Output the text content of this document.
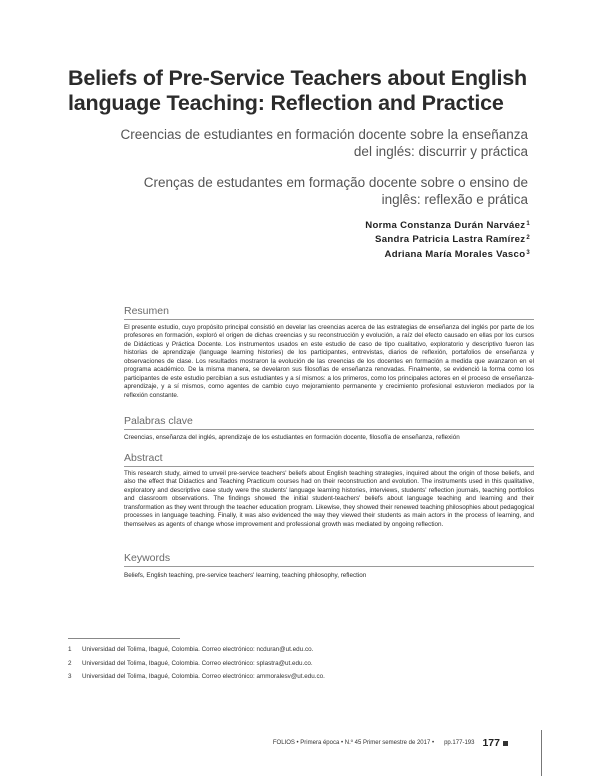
Beliefs of Pre-Service Teachers about English language Teaching: Reflection and Practice
Creencias de estudiantes en formación docente sobre la enseñanza del inglés: discurrir y práctica
Crenças de estudantes em formação docente sobre o ensino de inglês: reflexão e prática
Norma Constanza Durán Narváez$^1$
Sandra Patricia Lastra Ramírez$^2$
Adriana María Morales Vasco$^3$
Resumen

El presente estudio, cuyo propósito principal consistió en develar las creencias acerca de las estrategias de enseñanza del inglés por parte de los profesores en formación, exploró el origen de dichas creencias y su reconstrucción y evolución, a raíz del efecto causado en ellas por los cursos de Didácticas y Práctica Docente. Los instrumentos usados en este estudio de caso de tipo cualitativo, exploratorio y descriptivo fueron las historias de aprendizaje (language learning histories) de los participantes, entrevistas, diarios de reflexión, portafolios de enseñanza y observaciones de clase. Los resultados mostraron la evolución de las creencias de los docentes en formación a medida que avanzaron en el programa académico. De la misma manera, se develaron sus filosofías de enseñanza renovadas. Finalmente, se evidenció la forma como los participantes de este estudio percibían a sus estudiantes y a sí mismos: a los primeros, como los principales actores en el proceso de enseñanza-aprendizaje, y a sí mismos, como agentes de cambio cuyo mejoramiento permanente y crecimiento profesional estuvieron mediados por la reflexión constante.

Palabras clave

Creencias, enseñanza del inglés, aprendizaje de los estudiantes en formación docente, filosofía de enseñanza, reflexión

Abstract

This research study, aimed to unveil pre-service teachers' beliefs about English teaching strategies, inquired about the origin of those beliefs, and also the effect that Didactics and Teaching Practicum courses had on their reconstruction and evolution. The instruments used in this qualitative, exploratory and descriptive case study were the students' language learning histories, interviews, students' reflection journals, teaching portfolios and classroom observations. The findings showed the initial student-teachers' beliefs about language teaching and learning and their transformation as they went through the teacher education program. Likewise, they showed their renewed teaching philosophies about pedagogical processes in language teaching. Finally, it was also evidenced the way they viewed their students as main actors in the process of learning, and themselves as agents of change whose improvement and professional growth was mediated by ongoing reflection.

Keywords

Beliefs, English teaching, pre-service teachers' learning, teaching philosophy, reflection

1	Universidad del Tolima, Ibagué, Colombia. Correo electrónico: ncduran@ut.edu.co.
2	Universidad del Tolima, Ibagué, Colombia. Correo electrónico: splastra@ut.edu.co.
3	Universidad del Tolima, Ibagué, Colombia. Correo electrónico: ammoralesv@ut.edu.co.
FOLIOS • Primera época • N.º 45 Primer semestre de 2017 • pp.177-193 177
